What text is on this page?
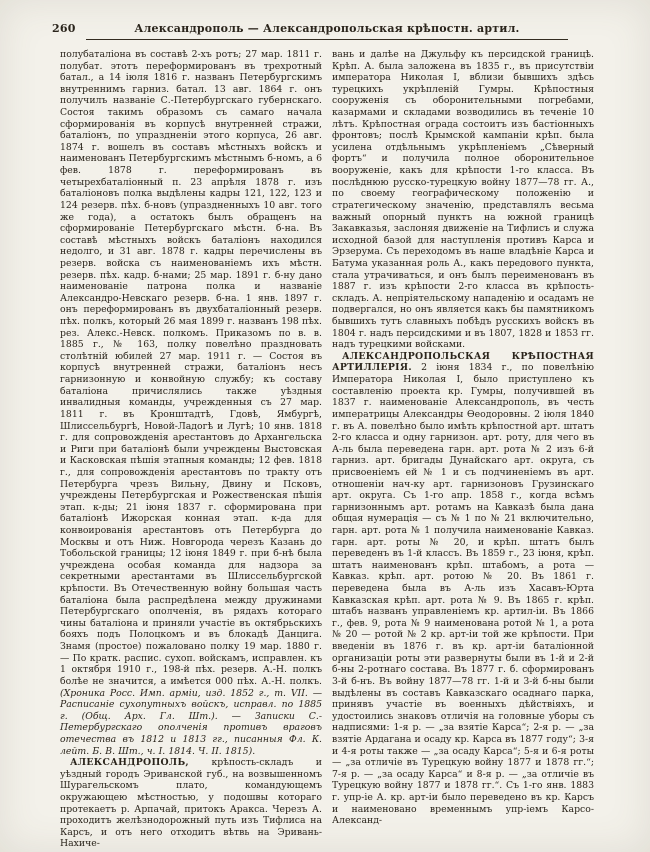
260	Александрополь — Александропольская крѣпостн. артил.

полубаталіона въ составѣ 2-хъ ротъ; 27 мар. 1811 г. полубат. этотъ переформированъ въ трехротный батал., а 14 іюля 1816 г. названъ Петербургскимъ внутреннимъ гарниз. батал. 13 авг. 1864 г. онъ получилъ названіе С.-Петербургскаго губернскаго. Состоя такимъ образомъ съ самаго начала сформированія въ корпусѣ внутренней стражи, баталіонъ, по упраздненіи этого корпуса, 26 авг. 1874 г. вошелъ въ составъ мѣстныхъ войскъ и наименованъ Петербургскимъ мѣстнымъ б-номъ, а 6 фев. 1878 г. переформированъ въ четырехбаталіонный п. 23 апрѣля 1878 г. изъ баталіоновъ полка выдѣлены кадры 121, 122, 123 и 124 резерв. пѣх. б-новъ (упраздненныхъ 10 авг. того же года), а остатокъ былъ обращенъ на сформированіе Петербургскаго мѣстн. б-на. Въ составѣ мѣстныхъ войскъ баталіонъ находился недолго, и 31 авг. 1878 г. кадры перечислены въ резерв. войска съ наименованіемъ ихъ мѣстн. резерв. пѣх. кадр. б-нами; 25 мар. 1891 г. б-ну дано наименованіе патрона полка и названіе Александро-Невскаго резерв. б-на. 1 янв. 1897 г. онъ переформированъ въ двухбаталіонный резерв. пѣх. полкъ, который 26 мая 1899 г. названъ 198 пѣх. рез. Алекс.-Невск. полкомъ. Приказомъ по в. в. 1885 г., № 163, полку повелѣно праздновать столѣтній юбилей 27 мар. 1911 г. — Состоя въ корпусѣ внутренней стражи, баталіонъ несъ гарнизонную и конвойную службу; къ составу баталіона причислялись также уѣздныя инвалидныя команды, учрежденныя съ 27 мар. 1811 г. въ Кронштадтѣ, Гдовѣ, Ямбургѣ, Шлиссельбургѣ, Новой-Ладогѣ и Лугѣ; 10 янв. 1818 г. для сопровожденія арестантовъ до Архангельска и Риги при баталіонѣ были учреждены Выстовская и Касковская пѣшія этапныя команды; 12 фев. 1818 г., для сопровожденія арестантовъ по тракту отъ Петербурга чрезъ Вильну, Двину и Псковъ, учреждены Петербургская и Рожественская пѣшія этап. к-ды; 21 іюня 1837 г. сформирована при баталіонѣ Ижорская конная этап. к-да для конвоированія арестантовъ отъ Петербурга до Москвы и отъ Ниж. Новгорода черезъ Казань до Тобольской границы; 12 іюня 1849 г. при б-нѣ была учреждена особая команда для надзора за секретными арестантами въ Шлиссельбургской крѣпости. Въ Отечественную войну большая часть баталіона была распредѣлена между дружинами Петербургскаго ополченія, въ рядахъ котораго чины баталіона и приняли участіе въ октябрьскихъ бояхъ подъ Полоцкомъ и въ блокадѣ Данцига. Знамя (простое) пожаловано полку 19 мар. 1880 г. — По кратк. распис. сухоп. войскамъ, исправлен. къ 1 октября 1910 г., 198-й пѣх. резерв. А.-Н. полкъ болѣе не значится, а имѣется 000 пѣх. А.-Н. полкъ. (Хроника Росс. Имп. арміи, изд. 1852 г., т. VII. — Расписаніе сухопутныхъ войскъ, исправл. по 1885 г. (Общ. Арх. Гл. Шт.). — Записки С.-Петербургскаго ополченія противъ враговъ отечества въ 1812 и 1813 гг., писанныя Фл. К. лейт. Б. В. Шт., ч. I. 1814. Ч. II. 1815).

АЛЕКСАНДРОПОЛЬ, крѣпость-складъ и уѣздный городъ Эриванской губ., на возвышенномъ Шурагельскомъ плато, командующемъ окружающею мѣстностью, у подошвы котораго протекаетъ р. Арпачай, притокъ Аракса. Черезъ А. проходитъ желѣзнодорожный путь изъ Тифлиса на Карсъ, и отъ него отходитъ вѣтвь на Эривань-Нахиче-

вань и далѣе на Джульфу къ персидской границѣ. Крѣп. А. была заложена въ 1835 г., въ присутствіи императора Николая I, вблизи бывшихъ здѣсь турецкихъ укрѣпленій Гумры. Крѣпостныя сооруженія съ оборонительными погребами, казармами и складами возводились въ теченіе 10 лѣтъ. Крѣпостная ограда состоитъ изъ бастіонныхъ фронтовъ; послѣ Крымской кампаніи крѣп. была усилена отдѣльнымъ укрѣпленіемъ „Сѣверный фортъ“ и получила полное оборонительное вооруженіе, какъ для крѣпости 1-го класса. Въ послѣднюю русско-турецкую войну 1877—78 гг. А., по своему географическому положенію и стратегическому значенію, представлялъ весьма важный опорный пунктъ на южной границѣ Закавказья, заслоняя движеніе на Тифлисъ и служа исходной базой для наступленія противъ Карса и Эрзерума. Съ переходомъ въ наше владѣніе Карса и Батума указанная роль А., какъ передового пункта, стала утрачиваться, и онъ былъ переименованъ въ 1887 г. изъ крѣпости 2-го класса въ крѣпость-складъ. А. непріятельскому нападенію и осадамъ не подвергался, но онъ является какъ бы памятникомъ бывшихъ тутъ славныхъ побѣдъ русскихъ войскъ въ 1804 г. надъ персидскими и въ 1807, 1828 и 1853 гг. надъ турецкими войсками.

АЛЕКСАНДРОПОЛЬСКАЯ КРѢПОСТНАЯ АРТИЛЛЕРІЯ. 2 іюня 1834 г., по повелѣнію Императора Николая I, было приступлено къ составленію проекта кр. Гумры, получившей въ 1837 г. наименованіе Александрополь, въ честь императрицы Александры Ѳеодоровны. 2 іюля 1840 г. въ А. повелѣно было имѣть крѣпостной арт. штатъ 2-го класса и одну гарнизон. арт. роту, для чего въ А-ль была переведена гарн. арт. рота № 2 изъ 6-й гарниз. арт. бригады Дунайскаго арт. округа, съ присвоеніемъ ей № 1 и съ подчиненіемъ въ арт. отношеніи нач-ку арт. гарнизоновъ Грузинскаго арт. округа. Съ 1-го апр. 1858 г., когда всѣмъ гарнизоннымъ арт. ротамъ на Кавказѣ была дана общая нумерація — съ № 1 по № 21 включительно, гарн. арт. рота № 1 получила наименованіе Кавказ. гарн. арт. роты № 20, и крѣп. штатъ былъ переведенъ въ 1-й классъ. Въ 1859 г., 23 іюня, крѣп. штатъ наименованъ крѣп. штабомъ, а рота — Кавказ. крѣп. арт. ротою № 20. Въ 1861 г. переведена была въ А-ль изъ Хасавъ-Юрта Кавказская крѣп. арт. рота № 9. Въ 1865 г. крѣп. штабъ названъ управленіемъ кр. артил-іи. Въ 1866 г., фев. 9, рота № 9 наименована ротой № 1, а рота № 20 — ротой № 2 кр. арт-іи той же крѣпости. При введеніи въ 1876 г. въ кр. арт-іи баталіонной организаціи роты эти развернуты были въ 1-й и 2-й б-ны 2-ротнаго состава. Въ 1877 г. б. сформированъ 3-й б-нъ. Въ войну 1877—78 гг. 1-й и 3-й б-ны были выдѣлены въ составъ Кавказскаго осаднаго парка, принявъ участіе въ военныхъ дѣйствіяхъ, и удостоились знаковъ отличія на головные уборы съ надписями: 1-я р. — „за взятіе Карса“; 2-я р. — „за взятіе Ардагана и осаду кр. Карса въ 1877 году“; 3-я и 4-я роты также — „за осаду Карса“; 5-я и 6-я роты — „за отличіе въ Турецкую войну 1877 и 1878 гг.“; 7-я р. — „за осаду Карса“ и 8-я р. — „за отличіе въ Турецкую войну 1877 и 1878 гг.“. Съ 1-го янв. 1883 г. упр-іе А. кр. арт-іи было переведено въ кр. Карсъ и наименовано временнымъ упр-іемъ Карсо-Александ-
